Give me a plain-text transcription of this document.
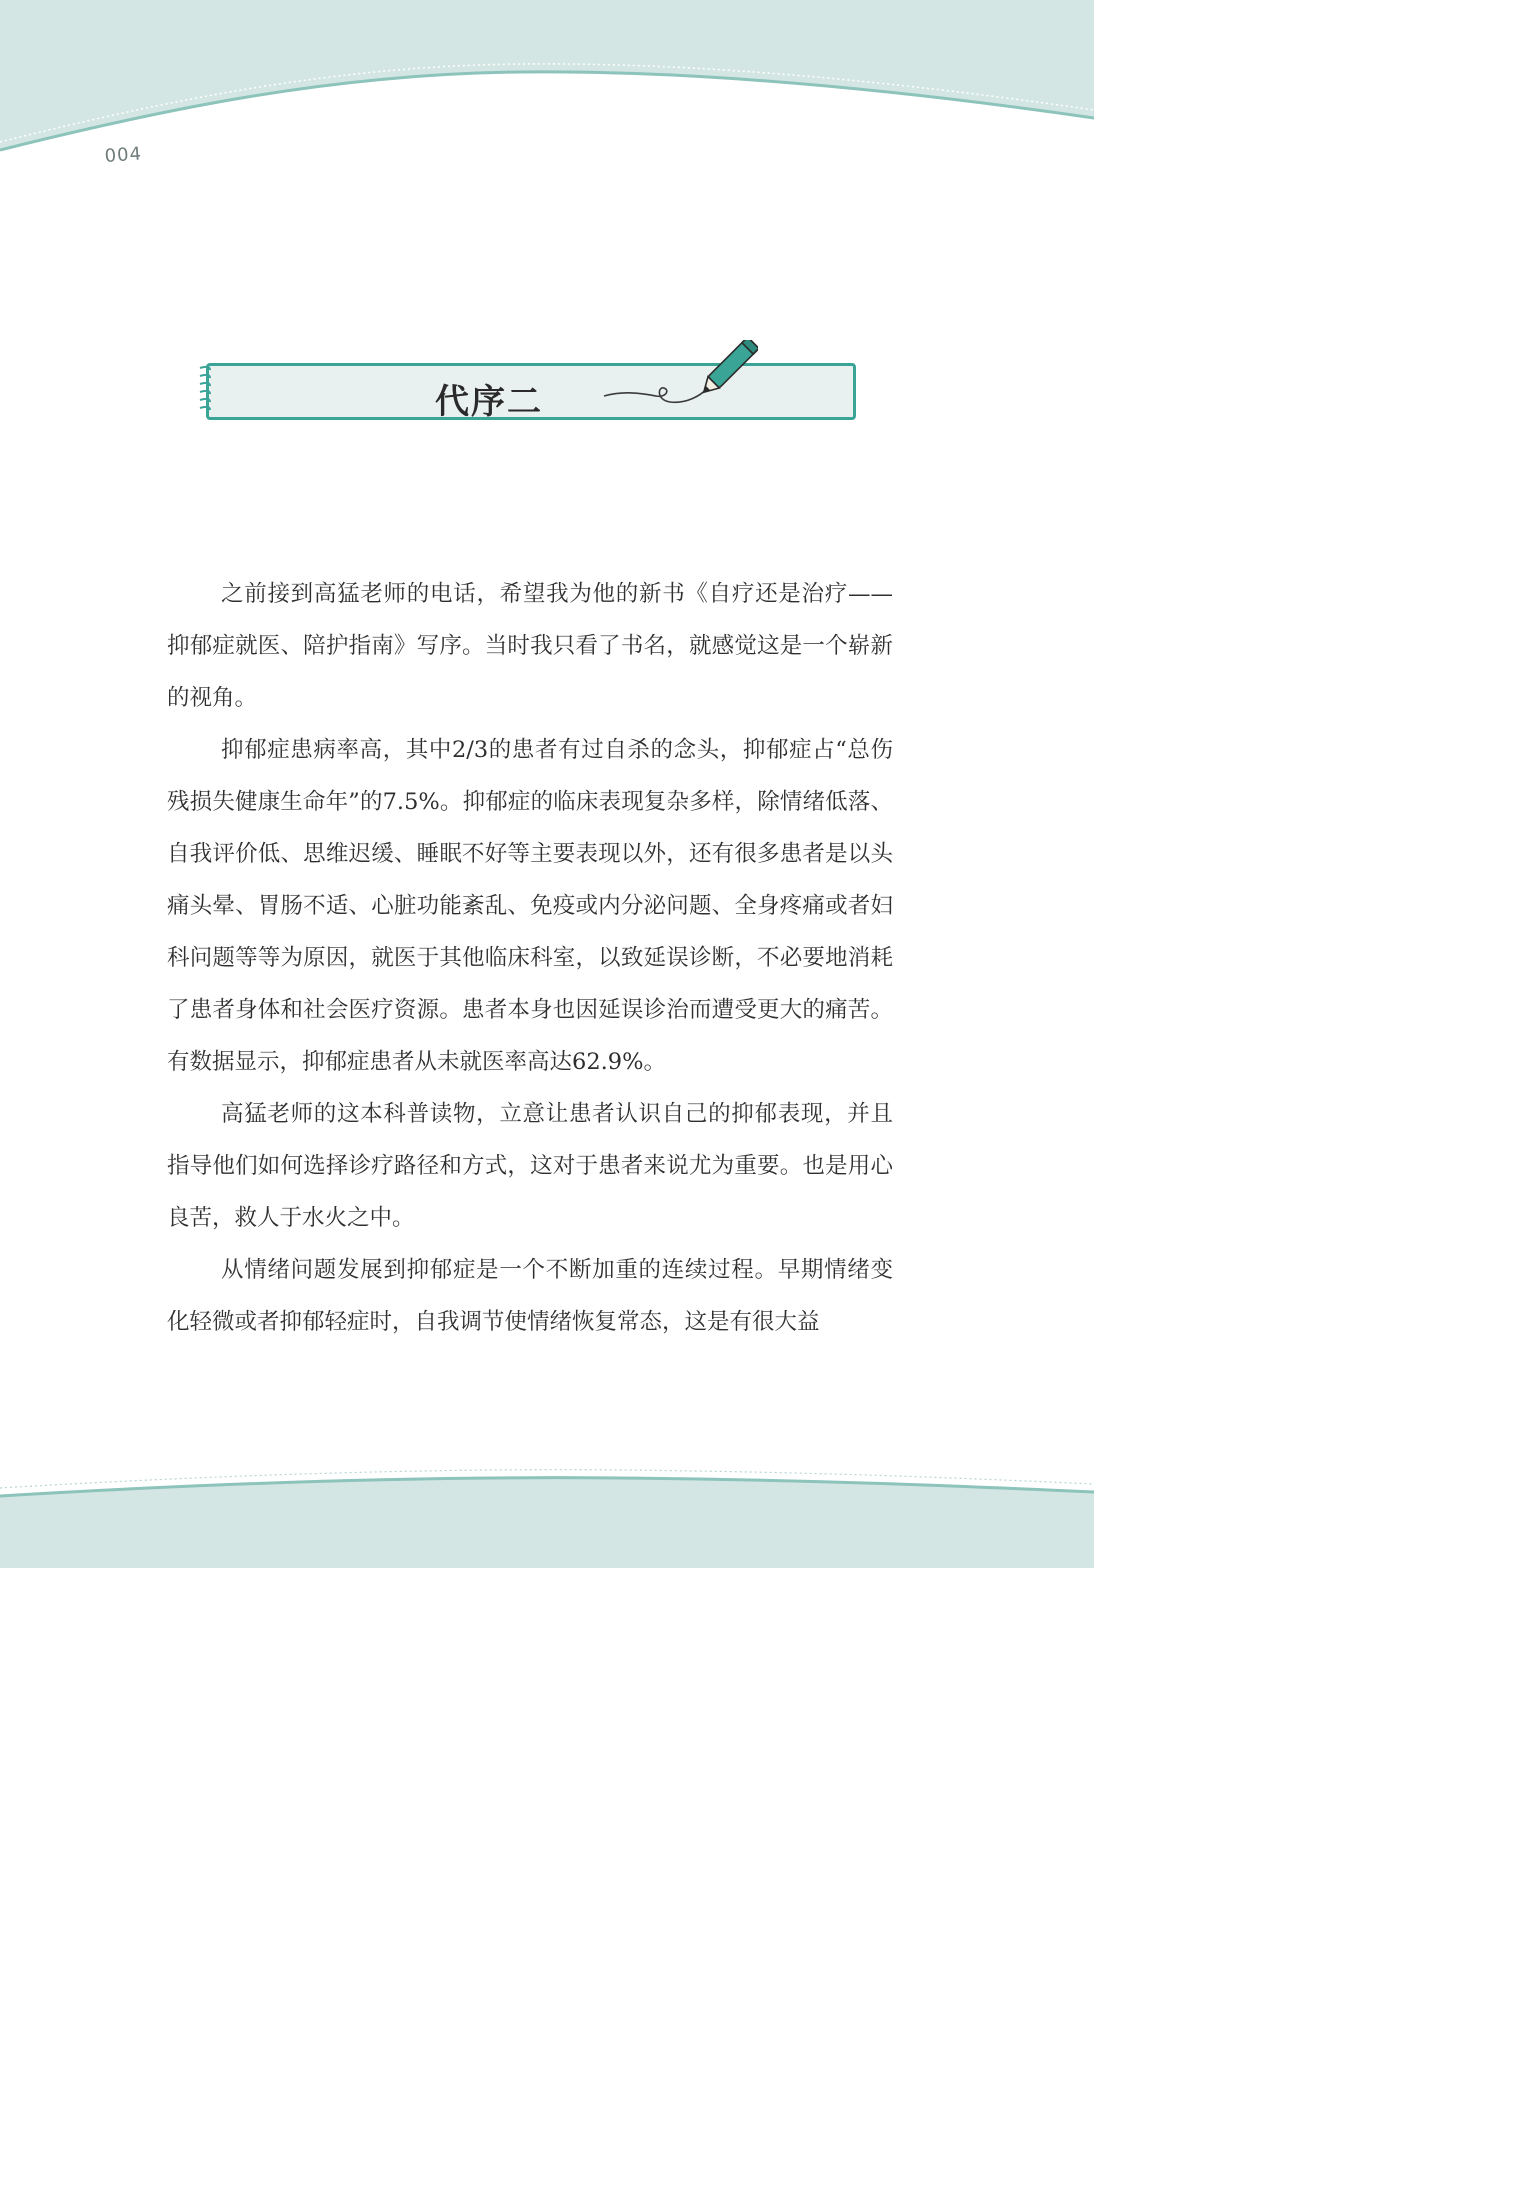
004
代序二

之前接到高猛老师的电话，希望我为他的新书《自疗还是治疗——抑郁症就医、陪护指南》写序。当时我只看了书名，就感觉这是一个崭新的视角。

抑郁症患病率高，其中2/3的患者有过自杀的念头，抑郁症占“总伤残损失健康生命年”的7.5%。抑郁症的临床表现复杂多样，除情绪低落、自我评价低、思维迟缓、睡眠不好等主要表现以外，还有很多患者是以头痛头晕、胃肠不适、心脏功能紊乱、免疫或内分泌问题、全身疼痛或者妇科问题等等为原因，就医于其他临床科室，以致延误诊断，不必要地消耗了患者身体和社会医疗资源。患者本身也因延误诊治而遭受更大的痛苦。有数据显示，抑郁症患者从未就医率高达62.9%。

高猛老师的这本科普读物，立意让患者认识自己的抑郁表现，并且指导他们如何选择诊疗路径和方式，这对于患者来说尤为重要。也是用心良苦，救人于水火之中。

从情绪问题发展到抑郁症是一个不断加重的连续过程。早期情绪变化轻微或者抑郁轻症时，自我调节使情绪恢复常态，这是有很大益
